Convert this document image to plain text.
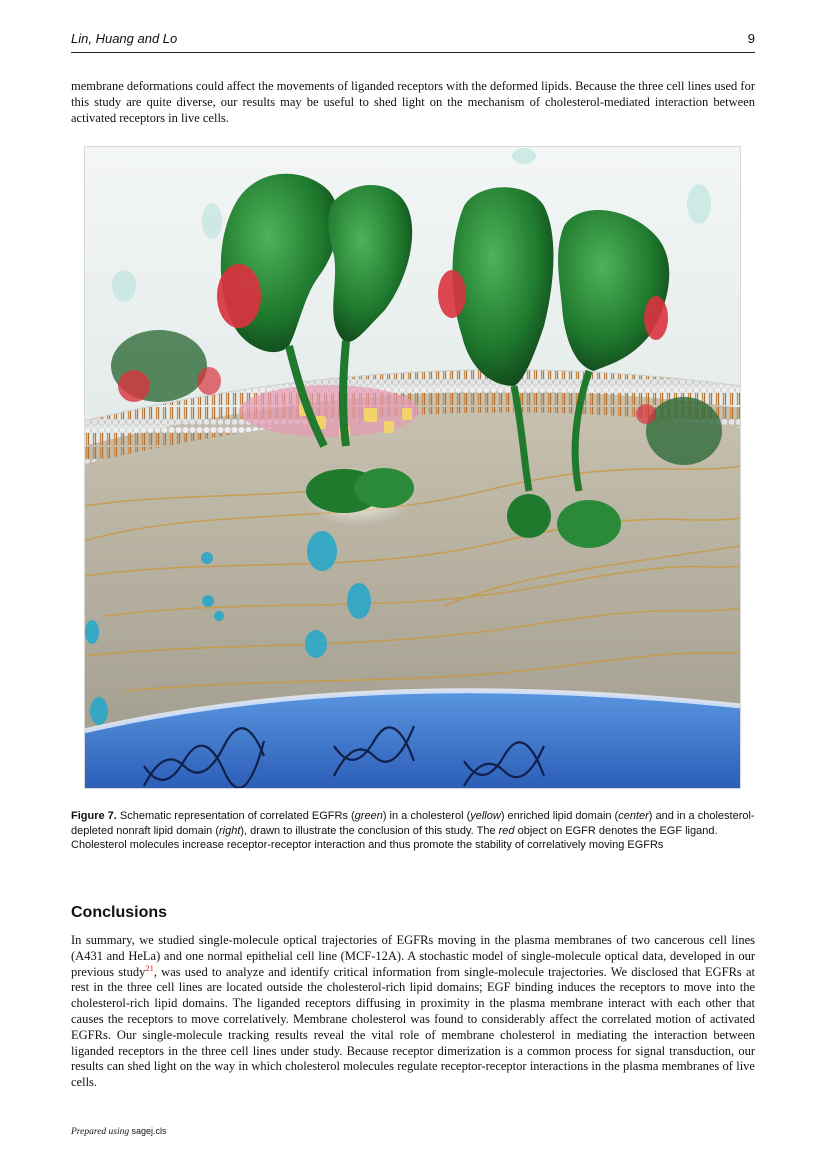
Lin, Huang and Lo	9

membrane deformations could affect the movements of liganded receptors with the deformed lipids. Because the three cell lines used for this study are quite diverse, our results may be useful to shed light on the mechanism of cholesterol-mediated interaction between activated receptors in live cells.

Figure 7. Schematic representation of correlated EGFRs (green) in a cholesterol (yellow) enriched lipid domain (center) and in a cholesterol-depleted nonraft lipid domain (right), drawn to illustrate the conclusion of this study. The red object on EGFR denotes the EGF ligand. Cholesterol molecules increase receptor-receptor interaction and thus promote the stability of correlatively moving EGFRs

Conclusions

In summary, we studied single-molecule optical trajectories of EGFRs moving in the plasma membranes of two cancerous cell lines (A431 and HeLa) and one normal epithelial cell line (MCF-12A). A stochastic model of single-molecule optical data, developed in our previous study$^{21}$, was used to analyze and identify critical information from single-molecule trajectories. We disclosed that EGFRs at rest in the three cell lines are located outside the cholesterol-rich lipid domains; EGF binding induces the receptors to move into the cholesterol-rich lipid domains. The liganded receptors diffusing in proximity in the plasma membrane interact with each other that causes the receptors to move correlatively. Membrane cholesterol was found to considerably affect the correlated motion of activated EGFRs. Our single-molecule tracking results reveal the vital role of membrane cholesterol in mediating the interaction between liganded receptors in the three cell lines under study. Because receptor dimerization is a common process for signal transduction, our results can shed light on the way in which cholesterol molecules regulate receptor-receptor interactions in the plasma membranes of live cells.

Prepared using sagej.cls
